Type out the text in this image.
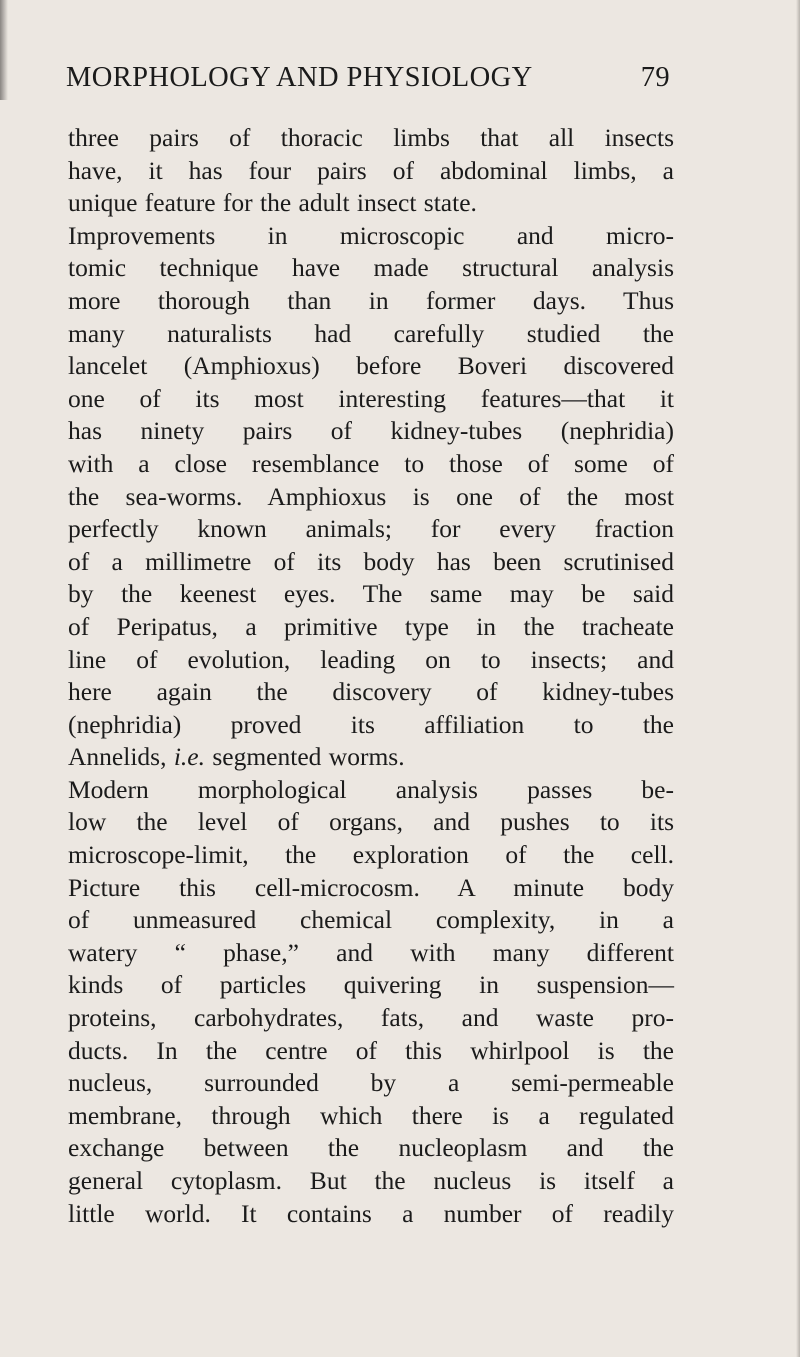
MORPHOLOGY AND PHYSIOLOGY	79
three pairs of thoracic limbs that all insects
have, it has four pairs of abdominal limbs, a
unique feature for the adult insect state.
Improvements in microscopic and micro-
tomic technique have made structural analysis
more thorough than in former days. Thus
many naturalists had carefully studied the
lancelet (Amphioxus) before Boveri discovered
one of its most interesting features—that it
has ninety pairs of kidney-tubes (nephridia)
with a close resemblance to those of some of
the sea-worms. Amphioxus is one of the most
perfectly known animals; for every fraction
of a millimetre of its body has been scrutinised
by the keenest eyes. The same may be said
of Peripatus, a primitive type in the tracheate
line of evolution, leading on to insects; and
here again the discovery of kidney-tubes
(nephridia) proved its affiliation to the
Annelids, i.e. segmented worms.
Modern morphological analysis passes be-
low the level of organs, and pushes to its
microscope-limit, the exploration of the cell.
Picture this cell-microcosm. A minute body
of unmeasured chemical complexity, in a
watery “ phase,” and with many different
kinds of particles quivering in suspension—
proteins, carbohydrates, fats, and waste pro-
ducts. In the centre of this whirlpool is the
nucleus, surrounded by a semi-permeable
membrane, through which there is a regulated
exchange between the nucleoplasm and the
general cytoplasm. But the nucleus is itself a
little world. It contains a number of readily
